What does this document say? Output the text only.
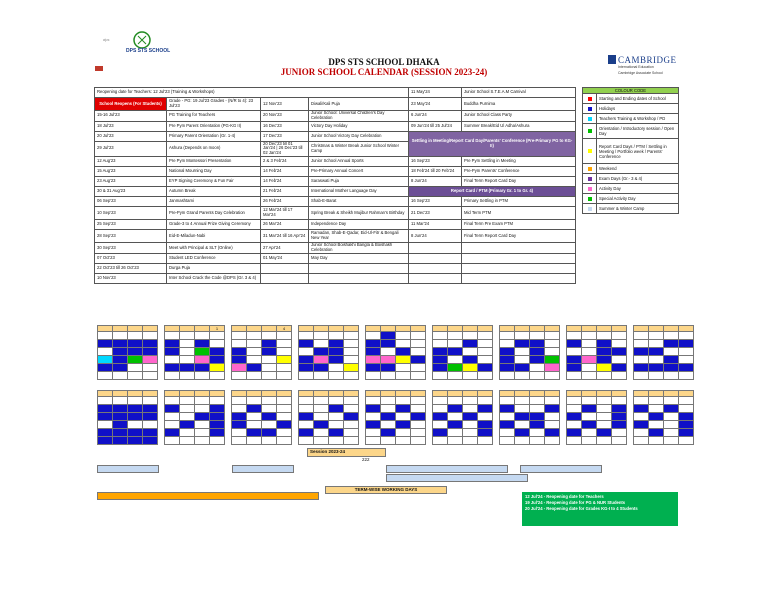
DPS STS SCHOOL
dps
DPS STS SCHOOL DHAKA
JUNIOR SCHOOL CALENDAR (SESSION 2023-24)
CAMBRIDGE
International Education
Cambridge Associate School
Reopening date for Teachers: 12 Jul'23 (Training & Workshops)				11 May'24	Junior School S.T.E.A.M Carnival
School Reopens (For Students)	Grade - PG: 19 Jul'23 Grades - (N/R to 4): 23 Jul'23	12 Nov'23	Diwali/Kali Puja	23 May'24	Buddha Purnima
15-16 Jul'23	PG Training for Teachers	20 Nov'23	Junior School: Universal Children's Day Celebration	6 Jun'24	Junior School Class Party
18 Jul'23	Pre Pym Parent Orientation (PG-KG II)	16 Dec'23	Victory Day Holiday	09 Jun'24 till 25 Jul'24	Summer Break/Eid Ul Adha/Ashura
20 Jul'23	Primary Parent Orientation (Gr. 1-4)	17 Dec'23	Junior School Victory Day Celebration	Settling in Meeting/Report Card Day/Parents' Conference (Pre-Primary PG to KG-II)	
29 Jul'23	Ashura (Depends on moon)	20 Dec'23 till 01 Jan'24 | 26 Dec'23 till 02 Jan'24	Christmas & Winter Break Junior School Winter Camp		
12 Aug'23	Pre Pym Montessori Presentation	2 & 3 Feb'24	Junior School Annual Sports	16 Sep'23	Pre Pym Settling in Meeting
15 Aug'23	National Mourning Day	14 Feb'24	Pre-Primary Annual Concert	18 Feb'24 till 20 Feb'24	Pre-Pym Parents' Conference
23 Aug'23	EYP Signing Ceremony & Fun Fair	14 Feb'24	Saraswati Puja	8 Jun'24	Final Term Report Card Day
30 & 31 Aug'23	Autumn Break	21 Feb'24	International Mother Language Day	Report Card / PTM (Primary Gr. 1 to Gr. 4)	
06 Sep'23	Janmashtami	26 Feb'24	Shab-E-Barat	16 Sep'23	Primary Settling in PTM
10 Sep'23	Pre-Pym Grand Parents Day Celebration	12 Mar'24 till 17 Mar'24	Spring Break & Sheikh Mujibur Rahman's Birthday	21 Dec'23	Mid Term PTM
25 Sep'23	Grade-3 to 4 Annual Prize Giving Ceremony	26 Mar'24	Independence Day	11 Mar'24	Final Term Pre Exam PTM
28 Sep'23	Eid-E-Miladun-Nabi	31 Mar'24 till 16 Apr'24	Ramadan, Shab-E-Qadar, Eid-Ul-Fitr & Bengali New Year	8 Jun'24	Final Term Report Card Day
30 Sep'23	Meet with Principal & SLT (Online)	27 Apr'24	Junior School Boishakhi Bangla & Boishakh Celebration		
07 Oct'23	Student LED Conference	01 May'24	May Day		
22 Oct'23 till 26 Oct'23	Durga Puja				
10 Nov'23	Inter School Crack the Code @DPS (Gr. 3 & 4)				
COLOUR CODE	

	Starting and Ending dates of School

	Holidays

	Teachers Training & Workshop / PD

	Orientation / Introductory session / Open Day

	Report Card Days / PTM / Settling in Meeting / Portfolio week / Parents' Conference

	Weekend

	Exam Days (Gr.- 3 & 4)

	Activity Day

	Special Activity Day

	Summer & Winter Camp

			1

				4

Session 2023-24
222
TERM-WISE WORKING DAYS
12 Jul'24 - Reopening date for Teachers
19 Jul'24 - Reopening date for PG & NUR Students
20 Jul'24 - Reopening date for Grades KG-I to 4 Students
